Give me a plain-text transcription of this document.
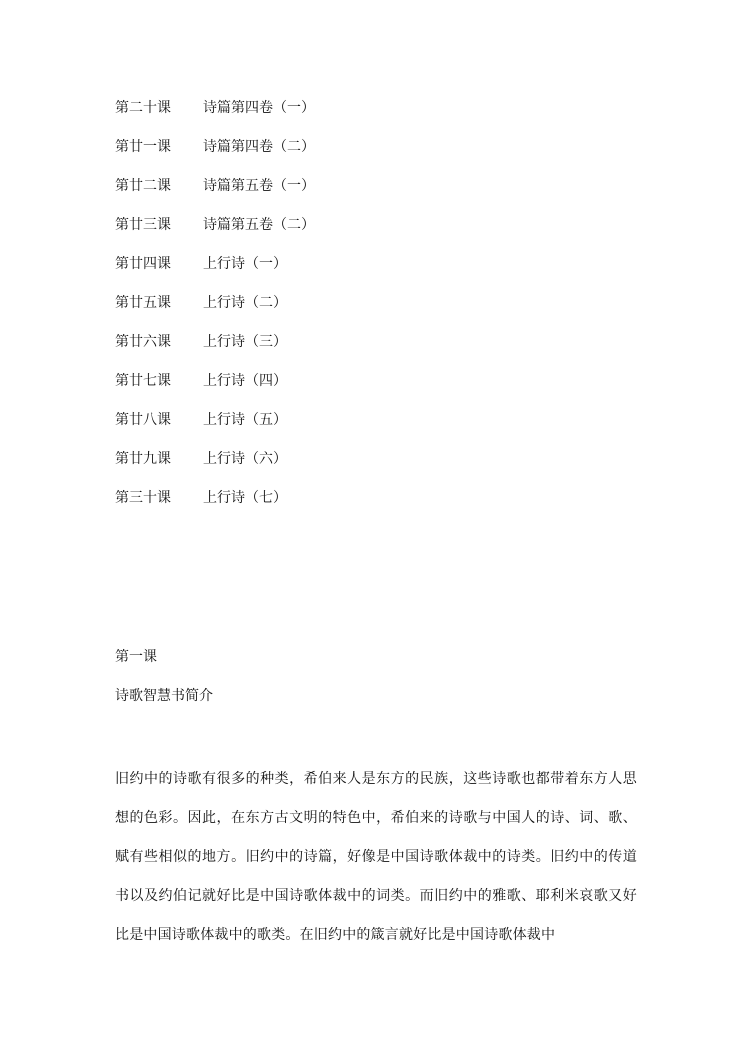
第二十课 诗篇第四卷（一）
第廿一课 诗篇第四卷（二）
第廿二课 诗篇第五卷（一）
第廿三课 诗篇第五卷（二）
第廿四课 上行诗（一）
第廿五课 上行诗（二）
第廿六课 上行诗（三）
第廿七课 上行诗（四）
第廿八课 上行诗（五）
第廿九课 上行诗（六）
第三十课 上行诗（七）
第一课
诗歌智慧书简介

旧约中的诗歌有很多的种类，希伯来人是东方的民族，这些诗歌也都带着东方人思想的色彩。因此，在东方古文明的特色中，希伯来的诗歌与中国人的诗、词、歌、赋有些相似的地方。旧约中的诗篇，好像是中国诗歌体裁中的诗类。旧约中的传道书以及约伯记就好比是中国诗歌体裁中的词类。而旧约中的雅歌、耶利米哀歌又好比是中国诗歌体裁中的歌类。在旧约中的箴言就好比是中国诗歌体裁中
